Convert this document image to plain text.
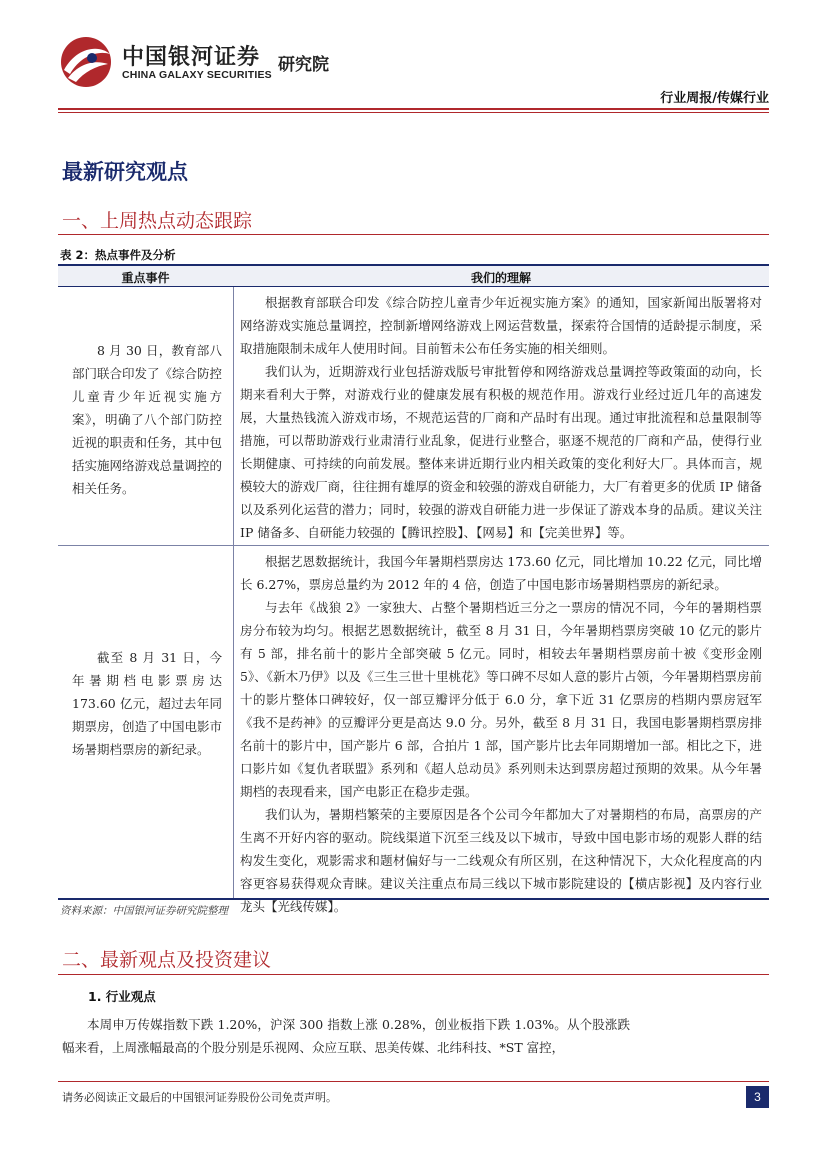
中国银河证券
CHINA GALAXY SECURITIES 研究院
行业周报/传媒行业
最新研究观点
一、上周热点动态跟踪
表 2：热点事件及分析
重点事件	我们的理解
8 月 30 日，教育部八部门联合印发了《综合防控儿童青少年近视实施方案》，明确了八个部门防控近视的职责和任务，其中包括实施网络游戏总量调控的相关任务。

根据教育部联合印发《综合防控儿童青少年近视实施方案》的通知，国家新闻出版署将对网络游戏实施总量调控，控制新增网络游戏上网运营数量，探索符合国情的适龄提示制度，采取措施限制未成年人使用时间。目前暂未公布任务实施的相关细则。

我们认为，近期游戏行业包括游戏版号审批暂停和网络游戏总量调控等政策面的动向，长期来看利大于弊，对游戏行业的健康发展有积极的规范作用。游戏行业经过近几年的高速发展，大量热钱流入游戏市场，不规范运营的厂商和产品时有出现。通过审批流程和总量限制等措施，可以帮助游戏行业肃清行业乱象，促进行业整合，驱逐不规范的厂商和产品，使得行业长期健康、可持续的向前发展。整体来讲近期行业内相关政策的变化利好大厂。具体而言，规模较大的游戏厂商，往往拥有雄厚的资金和较强的游戏自研能力，大厂有着更多的优质 IP 储备以及系列化运营的潜力；同时，较强的游戏自研能力进一步保证了游戏本身的品质。建议关注 IP 储备多、自研能力较强的【腾讯控股】、【网易】和【完美世界】等。

截至 8 月 31 日，今年暑期档电影票房达 173.60 亿元，超过去年同期票房，创造了中国电影市场暑期档票房的新纪录。

根据艺恩数据统计，我国今年暑期档票房达 173.60 亿元，同比增加 10.22 亿元，同比增长 6.27%，票房总量约为 2012 年的 4 倍，创造了中国电影市场暑期档票房的新纪录。

与去年《战狼 2》一家独大、占整个暑期档近三分之一票房的情况不同，今年的暑期档票房分布较为均匀。根据艺恩数据统计，截至 8 月 31 日，今年暑期档票房突破 10 亿元的影片有 5 部，排名前十的影片全部突破 5 亿元。同时，相较去年暑期档票房前十被《变形金刚 5》、《新木乃伊》以及《三生三世十里桃花》等口碑不尽如人意的影片占领，今年暑期档票房前十的影片整体口碑较好，仅一部豆瓣评分低于 6.0 分，拿下近 31 亿票房的档期内票房冠军《我不是药神》的豆瓣评分更是高达 9.0 分。另外，截至 8 月 31 日，我国电影暑期档票房排名前十的影片中，国产影片 6 部，合拍片 1 部，国产影片比去年同期增加一部。相比之下，进口影片如《复仇者联盟》系列和《超人总动员》系列则未达到票房超过预期的效果。从今年暑期档的表现看来，国产电影正在稳步走强。

我们认为，暑期档繁荣的主要原因是各个公司今年都加大了对暑期档的布局，高票房的产生离不开好内容的驱动。院线渠道下沉至三线及以下城市，导致中国电影市场的观影人群的结构发生变化，观影需求和题材偏好与一二线观众有所区别，在这种情况下，大众化程度高的内容更容易获得观众青睐。建议关注重点布局三线以下城市影院建设的【横店影视】及内容行业龙头【光线传媒】。

资料来源：中国银河证券研究院整理
二、最新观点及投资建议
1. 行业观点

本周申万传媒指数下跌 1.20%，沪深 300 指数上涨 0.28%，创业板指下跌 1.03%。从个股涨跌幅来看，上周涨幅最高的个股分别是乐视网、众应互联、思美传媒、北纬科技、*ST 富控，

请务必阅读正文最后的中国银河证券股份公司免责声明。	3
